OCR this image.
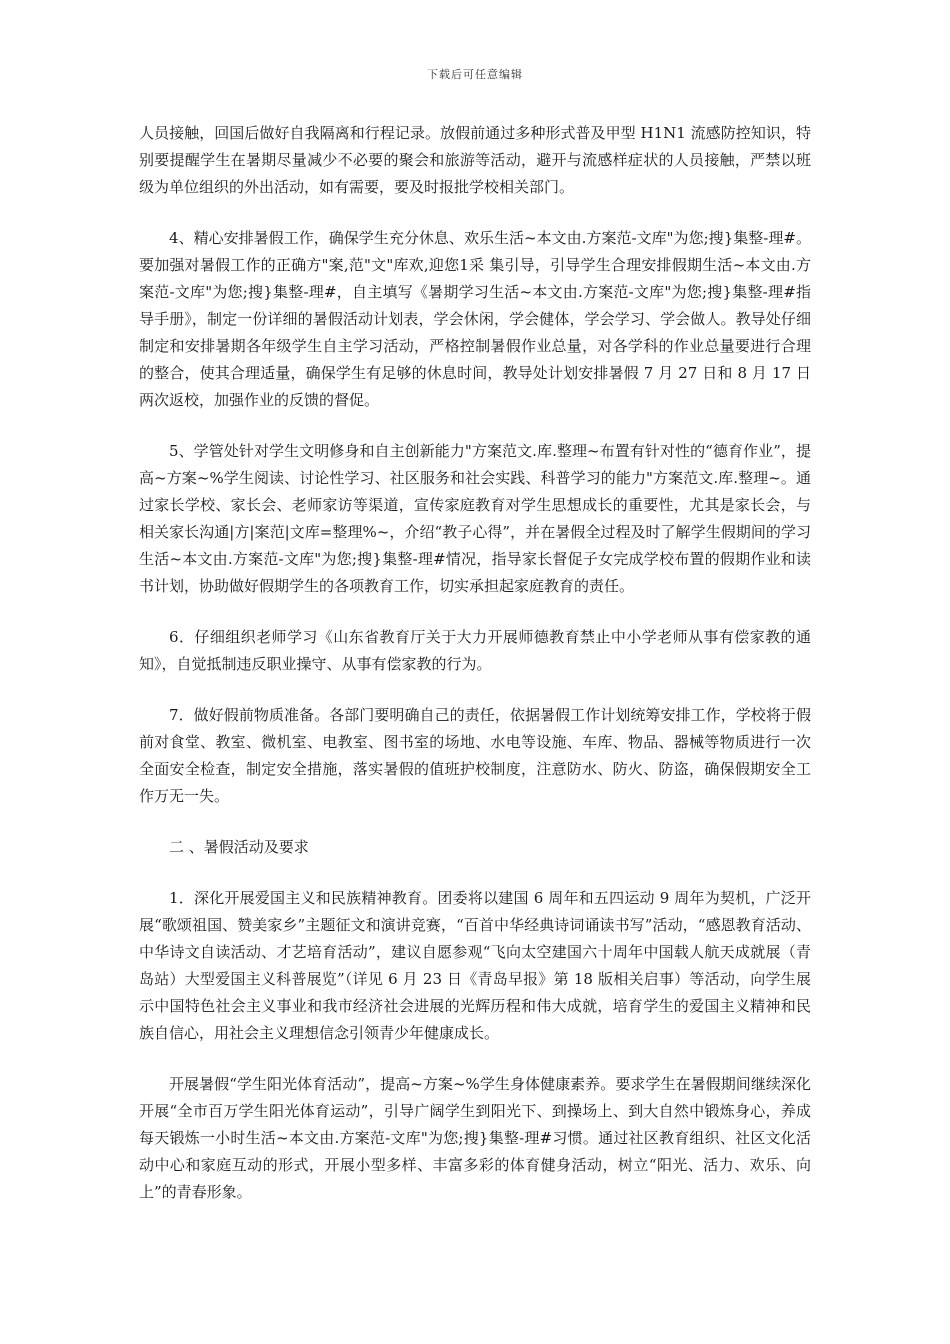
下载后可任意编辑

人员接触，回国后做好自我隔离和行程记录。放假前通过多种形式普及甲型 H1N1 流感防控知识，特别要提醒学生在暑期尽量减少不必要的聚会和旅游等活动，避开与流感样症状的人员接触，严禁以班级为单位组织的外出活动，如有需要，要及时报批学校相关部门。

4、精心安排暑假工作，确保学生充分休息、欢乐生活~本文由.方案范-文库"为您;搜}集整-理#。要加强对暑假工作的正确方"案,范"文"库欢,迎您1采 集引导，引导学生合理安排假期生活~本文由.方案范-文库"为您;搜}集整-理#，自主填写《暑期学习生活~本文由.方案范-文库"为您;搜}集整-理#指导手册》，制定一份详细的暑假活动计划表，学会休闲，学会健体，学会学习、学会做人。教导处仔细制定和安排暑期各年级学生自主学习活动，严格控制暑假作业总量，对各学科的作业总量要进行合理的整合，使其合理适量，确保学生有足够的休息时间，教导处计划安排暑假 7 月 27 日和 8 月 17 日两次返校，加强作业的反馈的督促。

5、学管处针对学生文明修身和自主创新能力"方案范文.库.整理~布置有针对性的“德育作业”，提高~方案~%学生阅读、讨论性学习、社区服务和社会实践、科普学习的能力"方案范文.库.整理~。通过家长学校、家长会、老师家访等渠道，宣传家庭教育对学生思想成长的重要性，尤其是家长会，与相关家长沟通|方|案范|文库=整理%~，介绍“教子心得”，并在暑假全过程及时了解学生假期间的学习生活~本文由.方案范-文库"为您;搜}集整-理#情况，指导家长督促子女完成学校布置的假期作业和读书计划，协助做好假期学生的各项教育工作，切实承担起家庭教育的责任。

6．仔细组织老师学习《山东省教育厅关于大力开展师德教育禁止中小学老师从事有偿家教的通知》，自觉抵制违反职业操守、从事有偿家教的行为。

7．做好假前物质准备。各部门要明确自己的责任，依据暑假工作计划统筹安排工作，学校将于假前对食堂、教室、微机室、电教室、图书室的场地、水电等设施、车库、物品、器械等物质进行一次全面安全检查，制定安全措施，落实暑假的值班护校制度，注意防水、防火、防盗，确保假期安全工作万无一失。

二 、暑假活动及要求

1．深化开展爱国主义和民族精神教育。团委将以建国 6 周年和五四运动 9 周年为契机，广泛开展“歌颂祖国、赞美家乡”主题征文和演讲竞赛，“百首中华经典诗词诵读书写”活动，“感恩教育活动、中华诗文自读活动、才艺培育活动”，建议自愿参观“飞向太空建国六十周年中国载人航天成就展（青岛站）大型爱国主义科普展览”（详见 6 月 23 日《青岛早报》第 18 版相关启事）等活动，向学生展示中国特色社会主义事业和我市经济社会进展的光辉历程和伟大成就，培育学生的爱国主义精神和民族自信心，用社会主义理想信念引领青少年健康成长。

开展暑假“学生阳光体育活动”，提高~方案~%学生身体健康素养。要求学生在暑假期间继续深化开展“全市百万学生阳光体育运动”，引导广阔学生到阳光下、到操场上、到大自然中锻炼身心，养成每天锻炼一小时生活~本文由.方案范-文库"为您;搜}集整-理#习惯。通过社区教育组织、社区文化活动中心和家庭互动的形式，开展小型多样、丰富多彩的体育健身活动，树立“阳光、活力、欢乐、向上”的青春形象。
